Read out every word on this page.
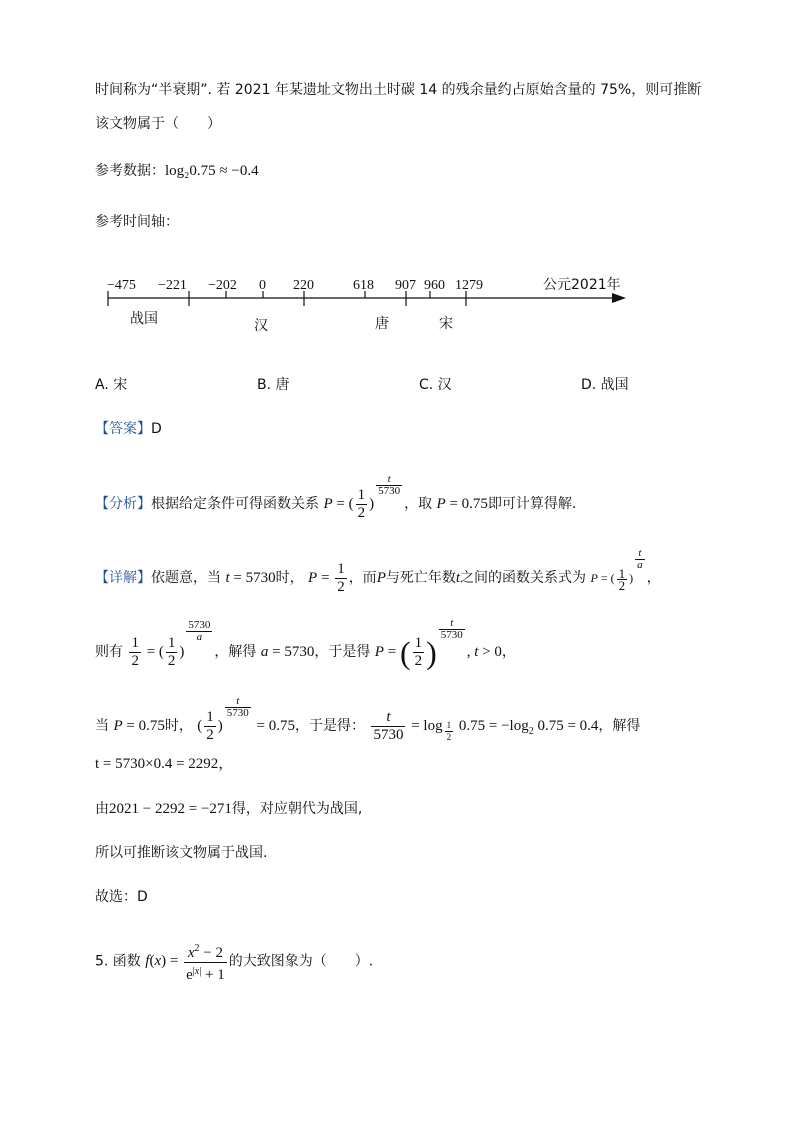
时间称为“半衰期”. 若 2021 年某遗址文物出土时碳 14 的残余量约占原始含量的 75%，则可推断
该文物属于（　　）
参考数据：log₂0.75 ≈ −0.4
参考时间轴：
−475 −221 −202 0 220	618 907 960 1279	公元2021年
战国	汉	唐	宋
A. 宋	B. 唐	C. 汉	D. 战国
【答案】D
【分析】根据给定条件可得函数关系 P = ( $\frac{1}{2}$ )
$\frac{t}{5730}$
，取 P = 0.75即可计算得解.
【详解】依题意，当 t = 5730时， $P = \frac{1}{2}$ ，而P与死亡年数t之间的函数关系式为 P = ( $\frac{1}{2}$ )
$\frac{t}{a}$
，
则有 $\frac{1}{2}$ = ( $\frac{1}{2}$ )
$\frac{5730}{a}$
，解得 a = 5730，于是得 P = ( $\frac{1}{2}$ )
$\frac{t}{5730}$
, t > 0，
当 P = 0.75时， ( $\frac{1}{2}$ )
$\frac{t}{5730}$
= 0.75，于是得： $\frac{t}{5730} = \log \frac{1}{2} 0.75 = -\log_2$ 0.75 = 0.4，解得
t = 5730×0.4 = 2292，
由2021 − 2292 = −271得，对应朝代为战国,
所以可推断该文物属于战国.
故选：D
5. 函数 $f(x) = \frac{x^2 - 2}{e^{|x|} + 1}$ 的大致图象为（　　）.
